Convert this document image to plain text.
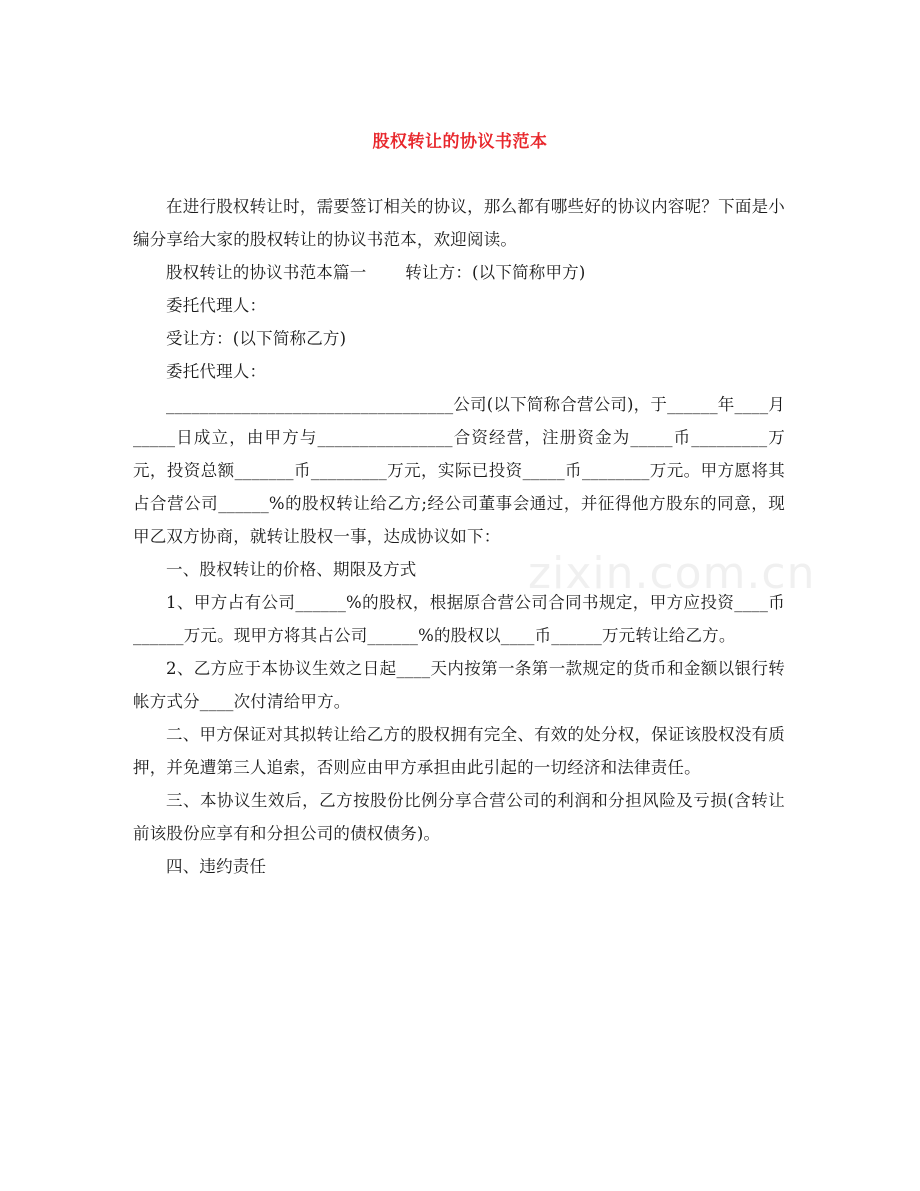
股权转让的协议书范本

在进行股权转让时，需要签订相关的协议，那么都有哪些好的协议内容呢？下面是小编分享给大家的股权转让的协议书范本，欢迎阅读。

股权转让的协议书范本篇一　　 转让方：(以下简称甲方)

委托代理人：

受让方：(以下简称乙方)

委托代理人：

__________________________________公司(以下简称合营公司)，于______年____月_____日成立，由甲方与________________合资经营，注册资金为_____币_________万元，投资总额_______币_________万元，实际已投资_____币________万元。甲方愿将其占合营公司______%的股权转让给乙方;经公司董事会通过，并征得他方股东的同意，现甲乙双方协商，就转让股权一事，达成协议如下：

一、股权转让的价格、期限及方式

1、甲方占有公司______%的股权，根据原合营公司合同书规定，甲方应投资____币______万元。现甲方将其占公司______%的股权以____币______万元转让给乙方。

2、乙方应于本协议生效之日起____天内按第一条第一款规定的货币和金额以银行转帐方式分____次付清给甲方。

二、甲方保证对其拟转让给乙方的股权拥有完全、有效的处分权，保证该股权没有质押，并免遭第三人追索，否则应由甲方承担由此引起的一切经济和法律责任。

三、本协议生效后，乙方按股份比例分享合营公司的利润和分担风险及亏损(含转让前该股份应享有和分担公司的债权债务)。

四、违约责任

zixin.com.cn
